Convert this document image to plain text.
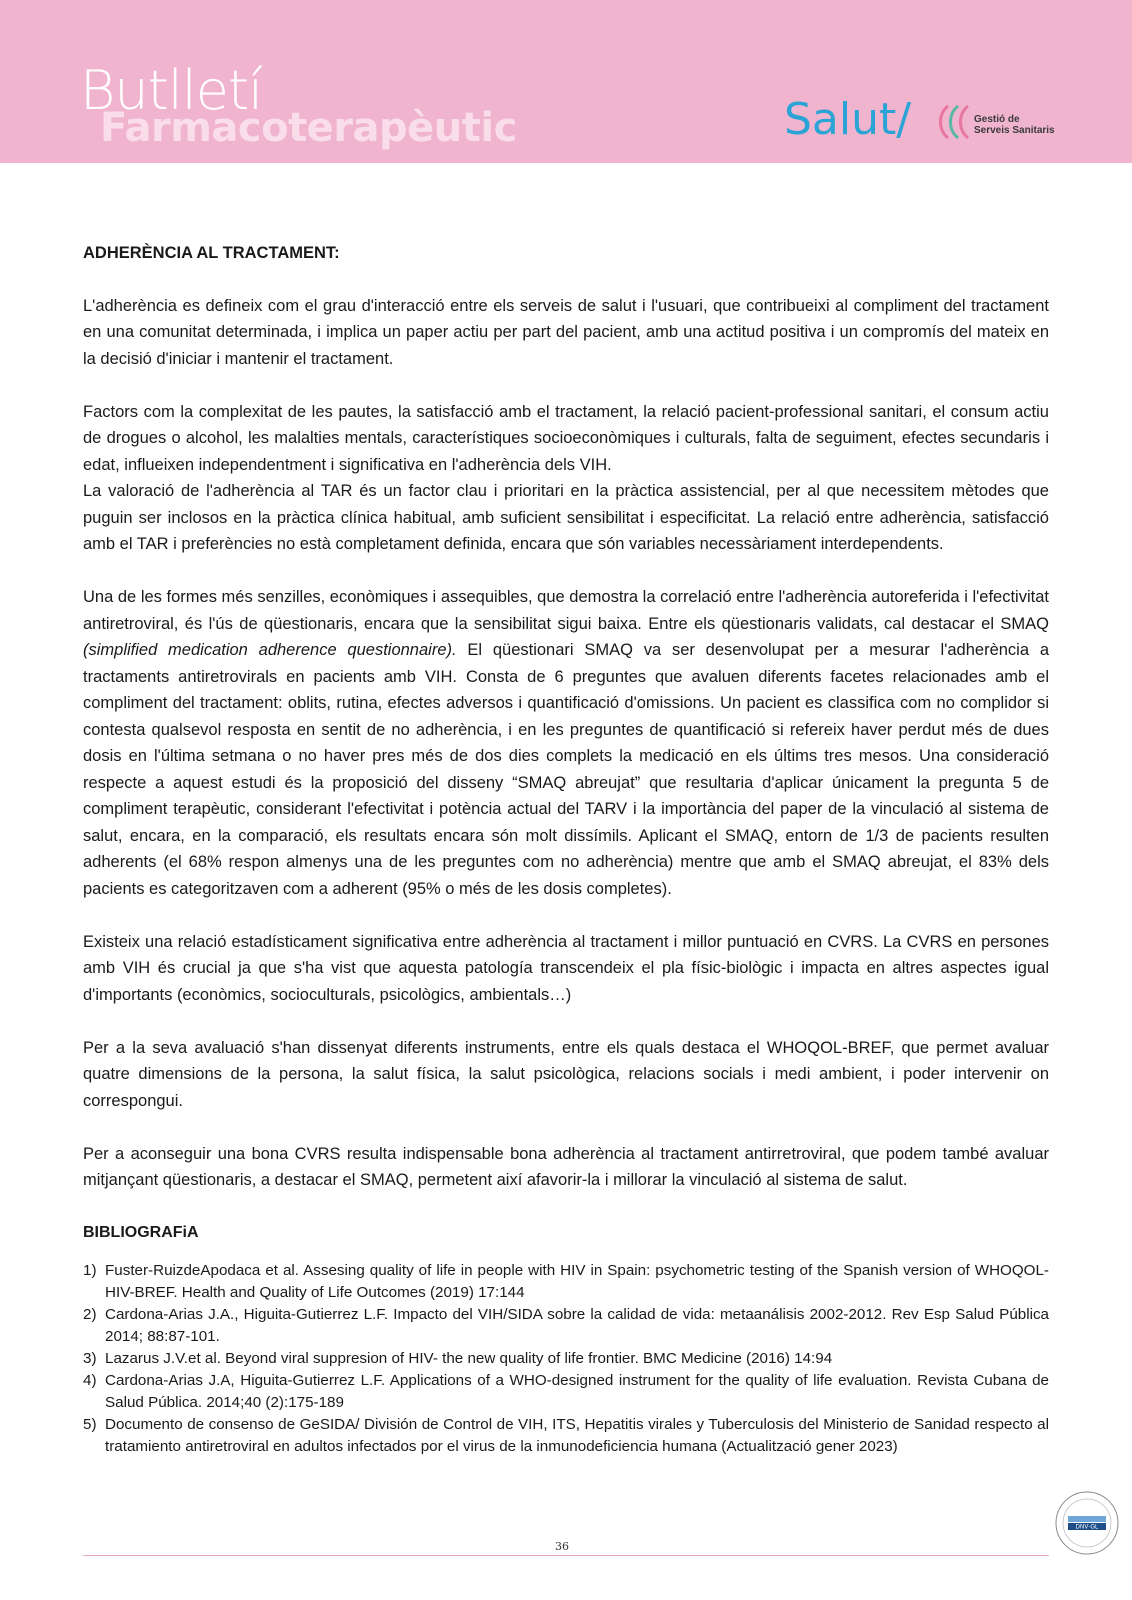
Butlletí
Farmacoterapèutic	Salut/	Gestió de
Serveis Sanitaris
ADHERÈNCIA AL TRACTAMENT:

L'adherència es defineix com el grau d'interacció entre els serveis de salut i l'usuari, que contribueixi al compliment del tractament en una comunitat determinada, i implica un paper actiu per part del pacient, amb una actitud positiva i un compromís del mateix en la decisió d'iniciar i mantenir el tractament.

Factors com la complexitat de les pautes, la satisfacció amb el tractament, la relació pacient-professional sanitari, el consum actiu de drogues o alcohol, les malalties mentals, característiques socioeconòmiques i culturals, falta de seguiment, efectes secundaris i edat, influeixen independentment i significativa en l'adherència dels VIH.

La valoració de l'adherència al TAR és un factor clau i prioritari en la pràctica assistencial, per al que necessitem mètodes que puguin ser inclosos en la pràctica clínica habitual, amb suficient sensibilitat i especificitat. La relació entre adherència, satisfacció amb el TAR i preferències no està completament definida, encara que són variables necessàriament interdependents.

Una de les formes més senzilles, econòmiques i assequibles, que demostra la correlació entre l'adherència autoreferida i l'efectivitat antiretroviral, és l'ús de qüestionaris, encara que la sensibilitat sigui baixa. Entre els qüestionaris validats, cal destacar el SMAQ (simplified medication adherence questionnaire). El qüestionari SMAQ va ser desenvolupat per a mesurar l'adherència a tractaments antiretrovirals en pacients amb VIH. Consta de 6 preguntes que avaluen diferents facetes relacionades amb el compliment del tractament: oblits, rutina, efectes adversos i quantificació d'omissions. Un pacient es classifica com no complidor si contesta qualsevol resposta en sentit de no adherència, i en les preguntes de quantificació si refereix haver perdut més de dues dosis en l'última setmana o no haver pres més de dos dies complets la medicació en els últims tres mesos. Una consideració respecte a aquest estudi és la proposició del disseny “SMAQ abreujat” que resultaria d'aplicar únicament la pregunta 5 de compliment terapèutic, considerant l'efectivitat i potència actual del TARV i la importància del paper de la vinculació al sistema de salut, encara, en la comparació, els resultats encara són molt dissímils. Aplicant el SMAQ, entorn de 1/3 de pacients resulten adherents (el 68% respon almenys una de les preguntes com no adherència) mentre que amb el SMAQ abreujat, el 83% dels pacients es categoritzaven com a adherent (95% o més de les dosis completes).

Existeix una relació estadísticament significativa entre adherència al tractament i millor puntuació en CVRS. La CVRS en persones amb VIH és crucial ja que s'ha vist que aquesta patología transcendeix el pla físic-biològic i impacta en altres aspectes igual d'importants (econòmics, socioculturals, psicològics, ambientals…)

Per a la seva avaluació s'han dissenyat diferents instruments, entre els quals destaca el WHOQOL-BREF, que permet avaluar quatre dimensions de la persona, la salut física, la salut psicològica, relacions socials i medi ambient, i poder intervenir on correspongui.

Per a aconseguir una bona CVRS resulta indispensable bona adherència al tractament antirretroviral, que podem també avaluar mitjançant qüestionaris, a destacar el SMAQ, permetent així afavorir-la i millorar la vinculació al sistema de salut.

BIBLIOGRAFiA
1) Fuster-RuizdeApodaca et al. Assesing quality of life in people with HIV in Spain: psychometric testing of the Spanish version of WHOQOL-HIV-BREF. Health and Quality of Life Outcomes (2019) 17:144
2) Cardona-Arias J.A., Higuita-Gutierrez L.F. Impacto del VIH/SIDA sobre la calidad de vida: metaanálisis 2002-2012. Rev Esp Salud Pública 2014; 88:87-101.
3) Lazarus J.V.et al. Beyond viral suppresion of HIV- the new quality of life frontier. BMC Medicine (2016) 14:94
4) Cardona-Arias J.A, Higuita-Gutierrez L.F. Applications of a WHO-designed instrument for the quality of life evaluation. Revista Cubana de Salud Pública. 2014;40 (2):175-189
5) Documento de consenso de GeSIDA/ División de Control de VIH, ITS, Hepatitis virales y Tuberculosis del Ministerio de Sanidad respecto al tratamiento antiretroviral en adultos infectados por el virus de la inmunodeficiencia humana (Actualització gener 2023)
36
DNV·GL
